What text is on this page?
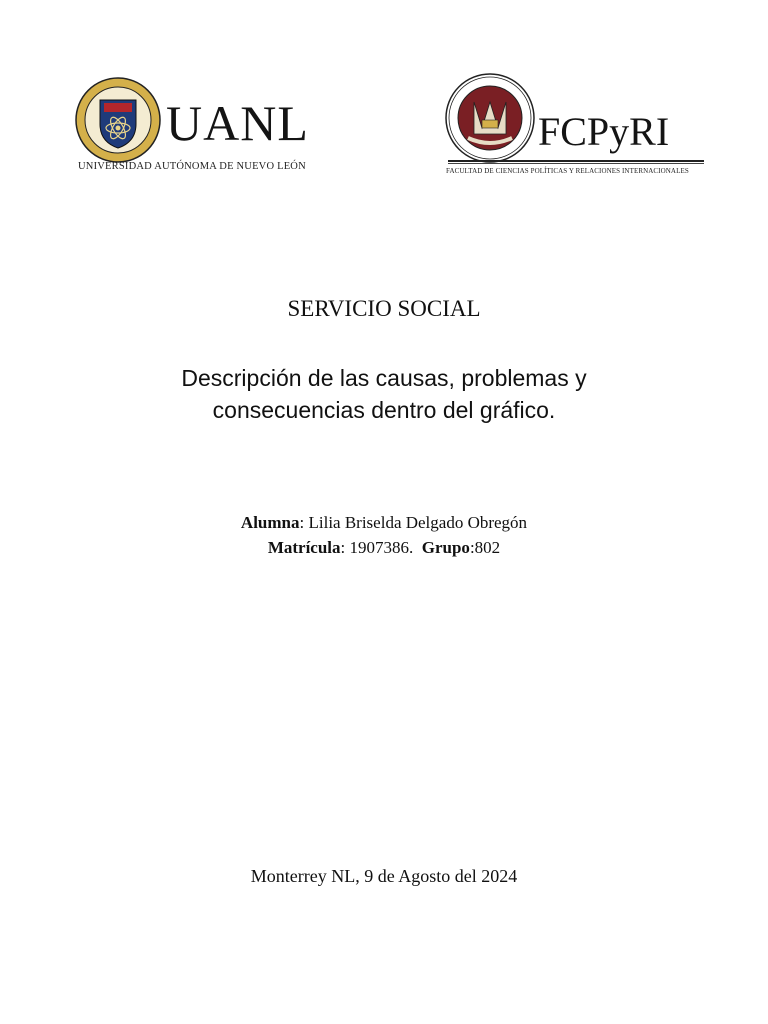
UANL
UNIVERSIDAD AUTÓNOMA DE NUEVO LEÓN
FCPyRI
FACULTAD DE CIENCIAS POLÍTICAS Y RELACIONES INTERNACIONALES
SERVICIO SOCIAL
Descripción de las causas, problemas y
consecuencias dentro del gráfico.
Alumna: Lilia Briselda Delgado Obregón
Matrícula: 1907386. Grupo:802
Monterrey NL, 9 de Agosto del 2024
